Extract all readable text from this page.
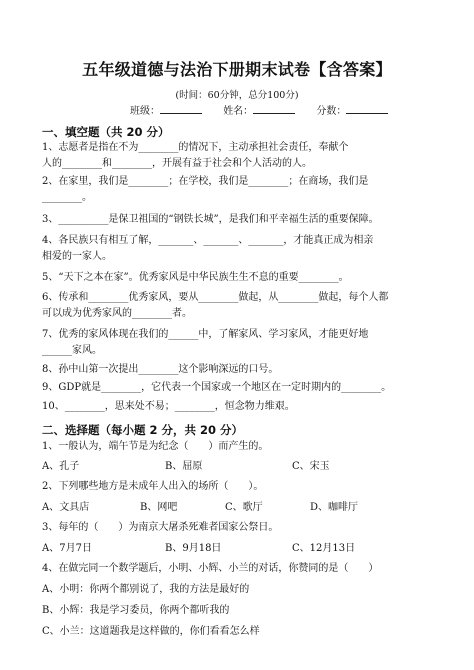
五年级道德与法治下册期末试卷【含答案】
(时间：60分钟，总分100分)
班级：	姓名：	分数：
一、填空题（共 20 分）
1、志愿者是指在不为________的情况下，主动承担社会责任，奉献个
人的________和________，开展有益于社会和个人活动的人。
2、在家里，我们是________；在学校，我们是________；在商场，我们是
________。
3、__________是保卫祖国的“钢铁长城”，是我们和平幸福生活的重要保障。
4、各民族只有相互了解，_______、_______、_______，才能真正成为相亲
相爱的一家人。
5、“天下之本在家”。优秀家风是中华民族生生不息的重要________。
6、传承和________优秀家风，要从________做起，从________做起，每个人都
可以成为优秀家风的________者。
7、优秀的家风体现在我们的______中，了解家风、学习家风，才能更好地
______家风。
8、孙中山第一次提出________这个影响深远的口号。
9、GDP就是________，它代表一个国家或一个地区在一定时期内的________。
10、________，思来处不易；________，恒念物力维艰。
二、选择题（每小题 2 分，共 20 分）
1、一般认为，端午节是为纪念（　　）而产生的。
A、孔子	B、屈原	C、宋玉
2、下列哪些地方是未成年人出入的场所（　　）。
A、文具店	B、网吧	C、歌厅	D、咖啡厅
3、每年的（　　）为南京大屠杀死难者国家公祭日。
A、7月7日	B、9月18日	C、12月13日
4、在做完同一个数学题后，小明、小辉、小兰的对话，你赞同的是（　　）
A、小明：你两个都别说了，我的方法是最好的
B、小辉：我是学习委员，你两个都听我的
C、小兰：这道题我是这样做的，你们看看怎么样
